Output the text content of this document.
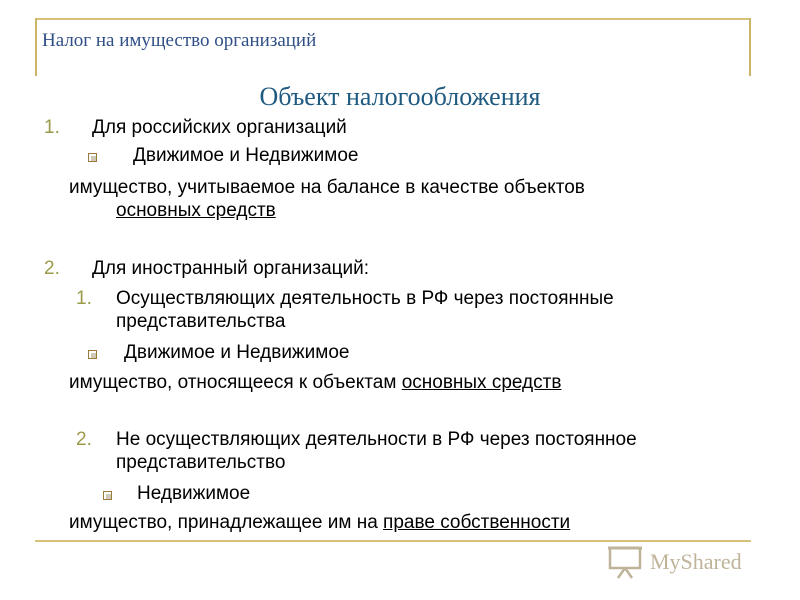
Налог на имущество организаций
Объект налогообложения
1. Для российских организаций
Движимое и Недвижимое
имущество, учитываемое на балансе в качестве объектов
основных средств
2. Для иностранный организаций:
1. Осуществляющих деятельность в РФ через постоянные
представительства
Движимое и Недвижимое
имущество, относящееся к объектам основных средств
2. Не осуществляющих деятельности в РФ через постоянное
представительство
Недвижимое
имущество, принадлежащее им на праве собственности
MyShared
